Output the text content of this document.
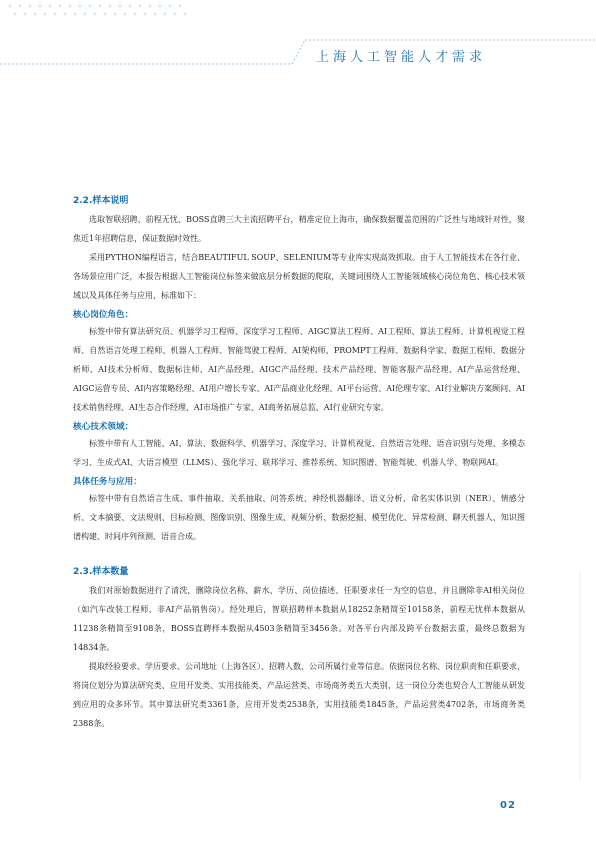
上海人工智能人才需求
2.2.样本说明

选取智联招聘、前程无忧、BOSS直聘三大主流招聘平台，精准定位上海市，确保数据覆盖范围的广泛性与地域针对性，聚焦近1年招聘信息，保证数据时效性。

采用PYTHON编程语言，结合BEAUTIFUL SOUP、SELENIUM等专业库实现高效抓取。由于人工智能技术在各行业、各场景应用广泛，本报告根据人工智能岗位标签来做底层分析数据的爬取，关键词围绕人工智能领域核心岗位角色、核心技术领域以及具体任务与应用，标准如下：

核心岗位角色：

标签中带有算法研究员、机器学习工程师、深度学习工程师、AIGC算法工程师、AI工程师、算法工程师、计算机视觉工程师、自然语言处理工程师、机器人工程师、智能驾驶工程师、AI架构师、PROMPT工程师、数据科学家、数据工程师、数据分析师、AI技术分析师、数据标注师、AI产品经理、AIGC产品经理、技术产品经理、智能客服产品经理、AI产品运营经理、AIGC运营专员、AI内容策略经理、AI用户增长专家、AI产品商业化经理、AI平台运营、AI伦理专家、AI行业解决方案顾问、AI技术销售经理、AI生态合作经理、AI市场推广专家、AI商务拓展总监、AI行业研究专家。

核心技术领域：

标签中带有人工智能、AI、算法、数据科学、机器学习、深度学习、计算机视觉、自然语言处理、语音识别与处理、多模态学习、生成式AI、大语言模型（LLMS）、强化学习、联邦学习、推荐系统、知识图谱、智能驾驶、机器人学、物联网AI。

具体任务与应用：

标签中带有自然语言生成、事件抽取、关系抽取、问答系统、神经机器翻译、语义分析、命名实体识别（NER）、情感分析、文本摘要、文法规则、目标检测、图像识别、图像生成、视频分析、数据挖掘、模型优化、异常检测、聊天机器人、知识图谱构建、时间序列预测、语音合成。

2.3.样本数量

我们对原始数据进行了清洗，删除岗位名称、薪水、学历、岗位描述、任职要求任一为空的信息，并且删除非AI相关岗位（如汽车改装工程师、非AI产品销售岗）。经处理后，智联招聘样本数据从18252条精简至10158条，前程无忧样本数据从11238条精简至9108条，BOSS直聘样本数据从4503条精简至3456条。对各平台内部及跨平台数据去重，最终总数据为14834条。

提取经验要求、学历要求、公司地址（上海各区）、招聘人数、公司所属行业等信息。依据岗位名称、岗位职责和任职要求，将岗位划分为算法研究类、应用开发类、实用技能类、产品运营类、市场商务类五大类别，这一岗位分类也契合人工智能从研发到应用的众多环节。其中算法研究类3361条，应用开发类2538条，实用技能类1845条，产品运营类4702条，市场商务类2388条。

02
